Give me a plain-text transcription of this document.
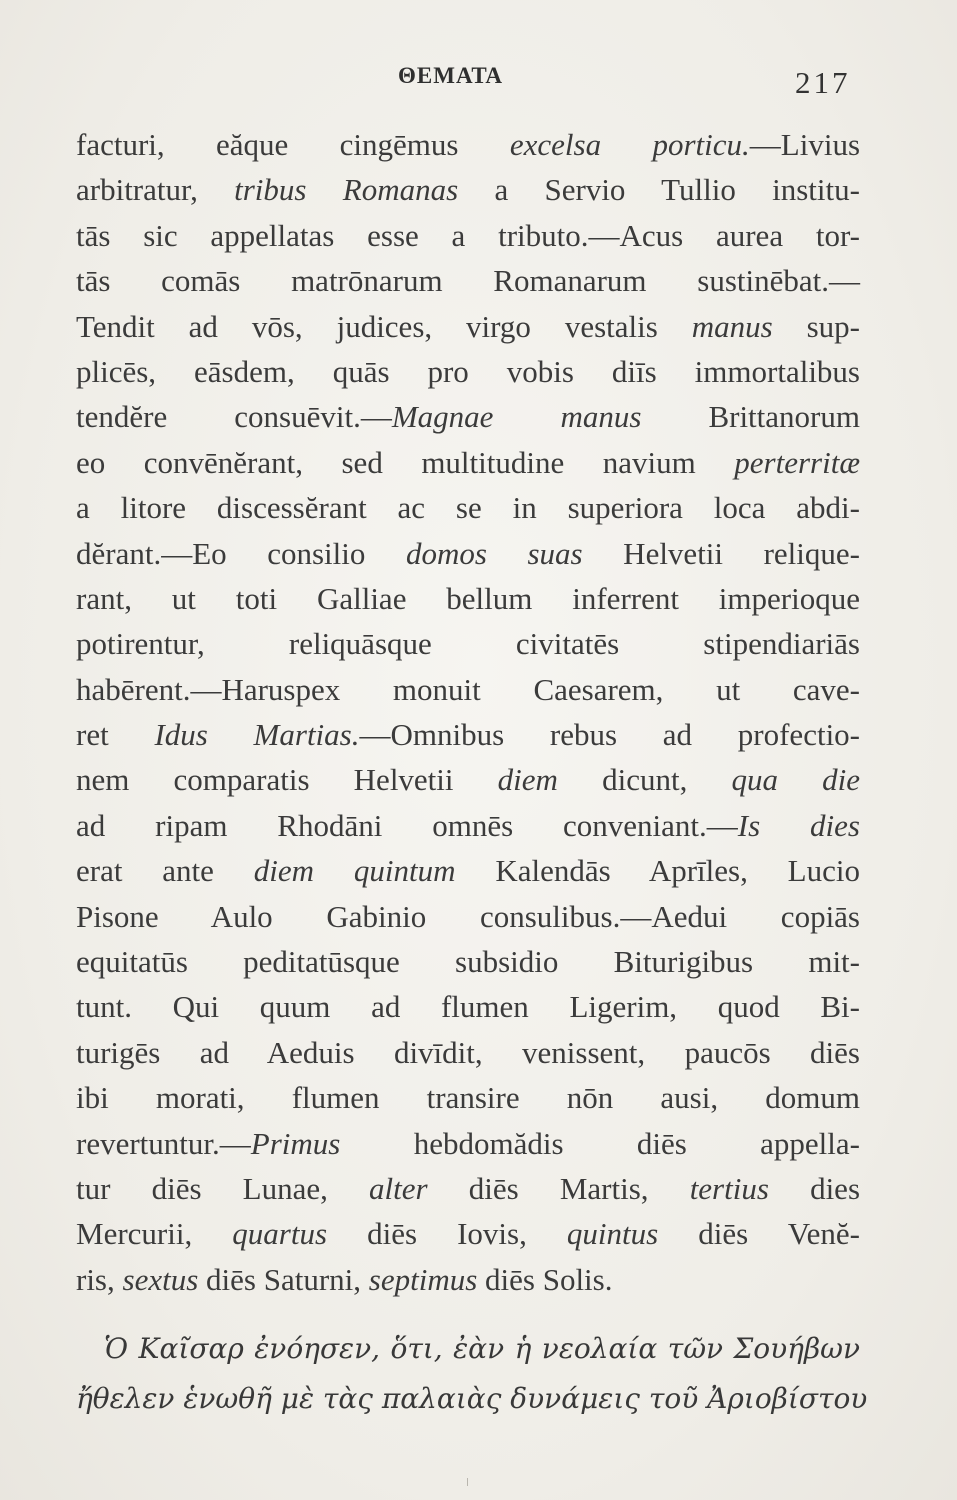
ΘΕΜΑΤΑ	217
facturi, eăque cingēmus excelsa porticu.—Livius
arbitratur, tribus Romanas a Servio Tullio institu-
tās sic appellatas esse a tributo.—Acus aurea tor-
tās comās matrōnarum Romanarum sustinēbat.—
Tendit ad vōs, judices, virgo vestalis manus sup-
plicēs, eāsdem, quās pro vobis diīs immortalibus
tendĕre consuēvit.—Magnae manus Brittanorum
eo convēnĕrant, sed multitudine navium perterritæ
a litore discessĕrant ac se in superiora loca abdi-
dĕrant.—Eo consilio domos suas Helvetii relique-
rant, ut toti Galliae bellum inferrent imperioque
potirentur, reliquāsque civitatēs stipendiariās
habērent.—Haruspex monuit Caesarem, ut cave-
ret Idus Martias.—Omnibus rebus ad profectio-
nem comparatis Helvetii diem dicunt, qua die
ad ripam Rhodāni omnēs conveniant.—Is dies
erat ante diem quintum Kalendās Aprīles, Lucio
Pisone Aulo Gabinio consulibus.—Aedui copiās
equitatūs peditatūsque subsidio Biturigibus mit-
tunt. Qui quum ad flumen Ligerim, quod Bi-
turigēs ad Aeduis divīdit, venissent, paucōs diēs
ibi morati, flumen transire nōn ausi, domum
revertuntur.—Primus hebdomădis diēs appella-
tur diēs Lunae, alter diēs Martis, tertius dies
Mercurii, quartus diēs Iovis, quintus diēs Venĕ-
ris, sextus diēs Saturni, septimus diēs Solis.
Ὁ Καῖσαρ ἐνόησεν, ὅτι, ἐὰν ἡ νεολαία τῶν Σουήβων
ἤθελεν ἑνωθῆ μὲ τὰς παλαιὰς δυνάμεις τοῦ Ἀριοβίστου
